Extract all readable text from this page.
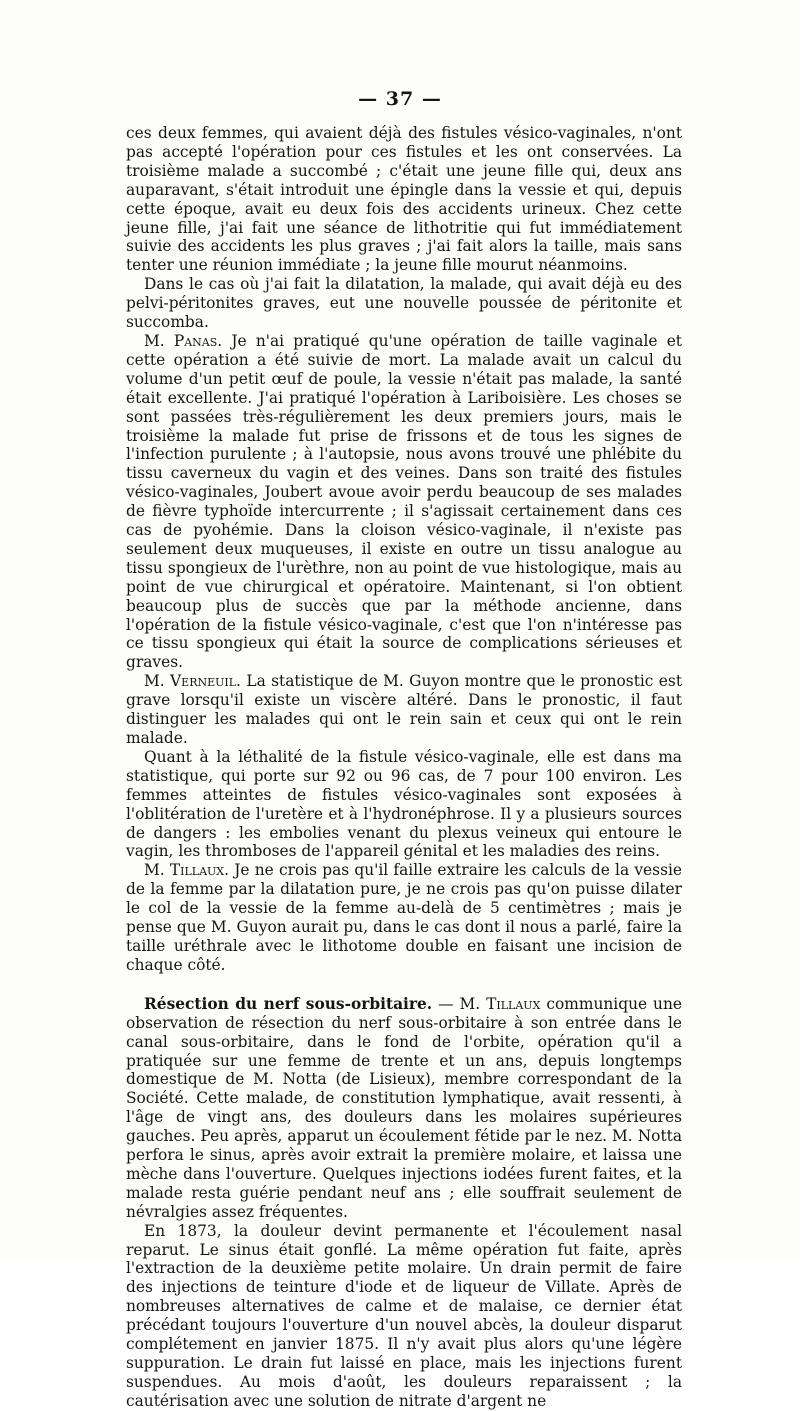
— 37 —

ces deux femmes, qui avaient déjà des fistules vésico-vaginales, n'ont pas accepté l'opération pour ces fistules et les ont conservées. La troisième malade a succombé ; c'était une jeune fille qui, deux ans auparavant, s'était introduit une épingle dans la vessie et qui, depuis cette époque, avait eu deux fois des accidents urineux. Chez cette jeune fille, j'ai fait une séance de lithotritie qui fut immédiatement suivie des accidents les plus graves ; j'ai fait alors la taille, mais sans tenter une réunion immédiate ; la jeune fille mourut néanmoins.

Dans le cas où j'ai fait la dilatation, la malade, qui avait déjà eu des pelvi-péritonites graves, eut une nouvelle poussée de péritonite et succomba.

M. Panas. Je n'ai pratiqué qu'une opération de taille vaginale et cette opération a été suivie de mort. La malade avait un calcul du volume d'un petit œuf de poule, la vessie n'était pas malade, la santé était excellente. J'ai pratiqué l'opération à Lariboisière. Les choses se sont passées très-régulièrement les deux premiers jours, mais le troisième la malade fut prise de frissons et de tous les signes de l'infection purulente ; à l'autopsie, nous avons trouvé une phlébite du tissu caverneux du vagin et des veines. Dans son traité des fistules vésico-vaginales, Joubert avoue avoir perdu beaucoup de ses malades de fièvre typhoïde intercurrente ; il s'agissait certainement dans ces cas de pyohémie. Dans la cloison vésico-vaginale, il n'existe pas seulement deux muqueuses, il existe en outre un tissu analogue au tissu spongieux de l'urèthre, non au point de vue histologique, mais au point de vue chirurgical et opératoire. Maintenant, si l'on obtient beaucoup plus de succès que par la méthode ancienne, dans l'opération de la fistule vésico-vaginale, c'est que l'on n'intéresse pas ce tissu spongieux qui était la source de complications sérieuses et graves.

M. Verneuil. La statistique de M. Guyon montre que le pronostic est grave lorsqu'il existe un viscère altéré. Dans le pronostic, il faut distinguer les malades qui ont le rein sain et ceux qui ont le rein malade.

Quant à la léthalité de la fistule vésico-vaginale, elle est dans ma statistique, qui porte sur 92 ou 96 cas, de 7 pour 100 environ. Les femmes atteintes de fistules vésico-vaginales sont exposées à l'oblitération de l'uretère et à l'hydronéphrose. Il y a plusieurs sources de dangers : les embolies venant du plexus veineux qui entoure le vagin, les thromboses de l'appareil génital et les maladies des reins.

M. Tillaux. Je ne crois pas qu'il faille extraire les calculs de la vessie de la femme par la dilatation pure, je ne crois pas qu'on puisse dilater le col de la vessie de la femme au-delà de 5 centimètres ; mais je pense que M. Guyon aurait pu, dans le cas dont il nous a parlé, faire la taille uréthrale avec le lithotome double en faisant une incision de chaque côté.

Résection du nerf sous-orbitaire. — M. Tillaux communique une observation de résection du nerf sous-orbitaire à son entrée dans le canal sous-orbitaire, dans le fond de l'orbite, opération qu'il a pratiquée sur une femme de trente et un ans, depuis longtemps domestique de M. Notta (de Lisieux), membre correspondant de la Société. Cette malade, de constitution lymphatique, avait ressenti, à l'âge de vingt ans, des douleurs dans les molaires supérieures gauches. Peu après, apparut un écoulement fétide par le nez. M. Notta perfora le sinus, après avoir extrait la première molaire, et laissa une mèche dans l'ouverture. Quelques injections iodées furent faites, et la malade resta guérie pendant neuf ans ; elle souffrait seulement de névralgies assez fréquentes.

En 1873, la douleur devint permanente et l'écoulement nasal reparut. Le sinus était gonflé. La même opération fut faite, après l'extraction de la deuxième petite molaire. Un drain permit de faire des injections de teinture d'iode et de liqueur de Villate. Après de nombreuses alternatives de calme et de malaise, ce dernier état précédant toujours l'ouverture d'un nouvel abcès, la douleur disparut complétement en janvier 1875. Il n'y avait plus alors qu'une légère suppuration. Le drain fut laissé en place, mais les injections furent suspendues. Au mois d'août, les douleurs reparaissent ; la cautérisation avec une solution de nitrate d'argent ne
